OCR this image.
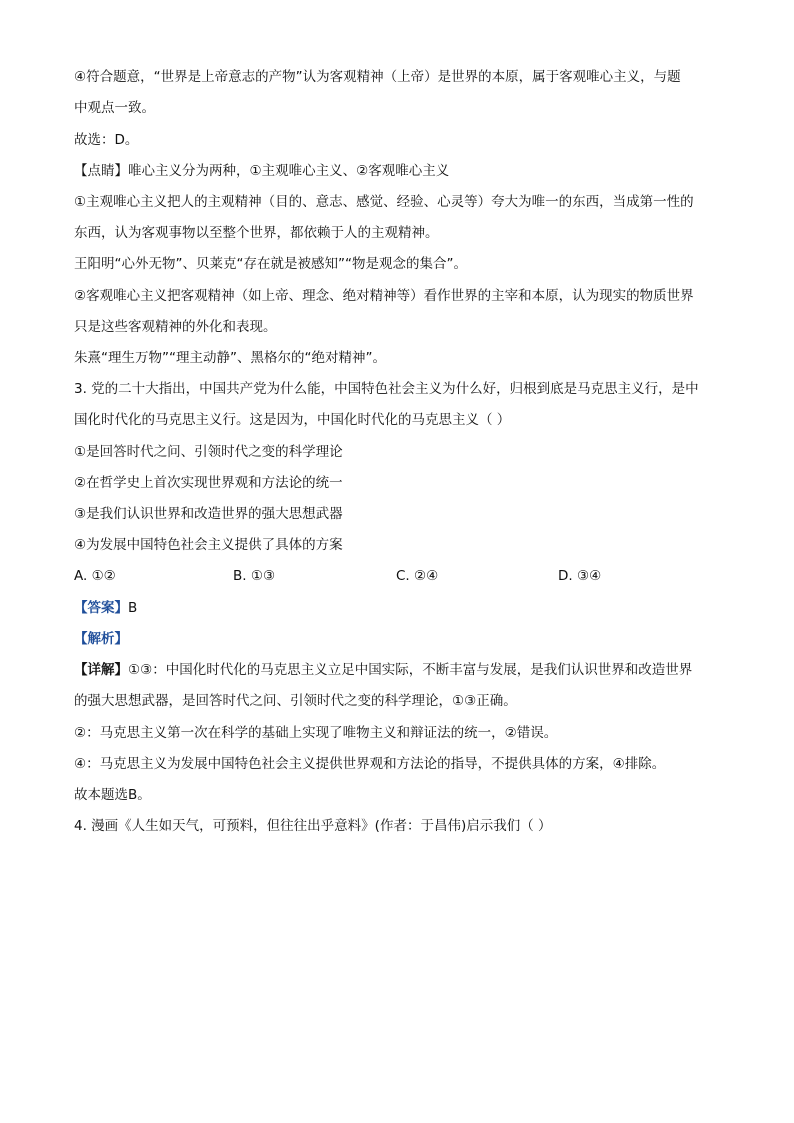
④符合题意，“世界是上帝意志的产物”认为客观精神（上帝）是世界的本原，属于客观唯心主义，与题
中观点一致。
故选：D。
【点睛】唯心主义分为两种，①主观唯心主义、②客观唯心主义
①主观唯心主义把人的主观精神（目的、意志、感觉、经验、心灵等）夸大为唯一的东西，当成第一性的
东西，认为客观事物以至整个世界，都依赖于人的主观精神。
王阳明“心外无物”、贝莱克“存在就是被感知”“物是观念的集合”。
②客观唯心主义把客观精神（如上帝、理念、绝对精神等）看作世界的主宰和本原，认为现实的物质世界
只是这些客观精神的外化和表现。
朱熹“理生万物”“理主动静”、黑格尔的“绝对精神”。
3. 党的二十大指出，中国共产党为什么能，中国特色社会主义为什么好，归根到底是马克思主义行，是中
国化时代化的马克思主义行。这是因为，中国化时代化的马克思主义（ ）
①是回答时代之问、引领时代之变的科学理论
②在哲学史上首次实现世界观和方法论的统一
③是我们认识世界和改造世界的强大思想武器
④为发展中国特色社会主义提供了具体的方案
A. ①②	B. ①③	C. ②④	D. ③④
【答案】B
【解析】
【详解】①③：中国化时代化的马克思主义立足中国实际，不断丰富与发展，是我们认识世界和改造世界
的强大思想武器，是回答时代之问、引领时代之变的科学理论，①③正确。
②：马克思主义第一次在科学的基础上实现了唯物主义和辩证法的统一，②错误。
④：马克思主义为发展中国特色社会主义提供世界观和方法论的指导，不提供具体的方案，④排除。
故本题选B。
4. 漫画《人生如天气，可预料，但往往出乎意料》(作者：于昌伟)启示我们（ ）
